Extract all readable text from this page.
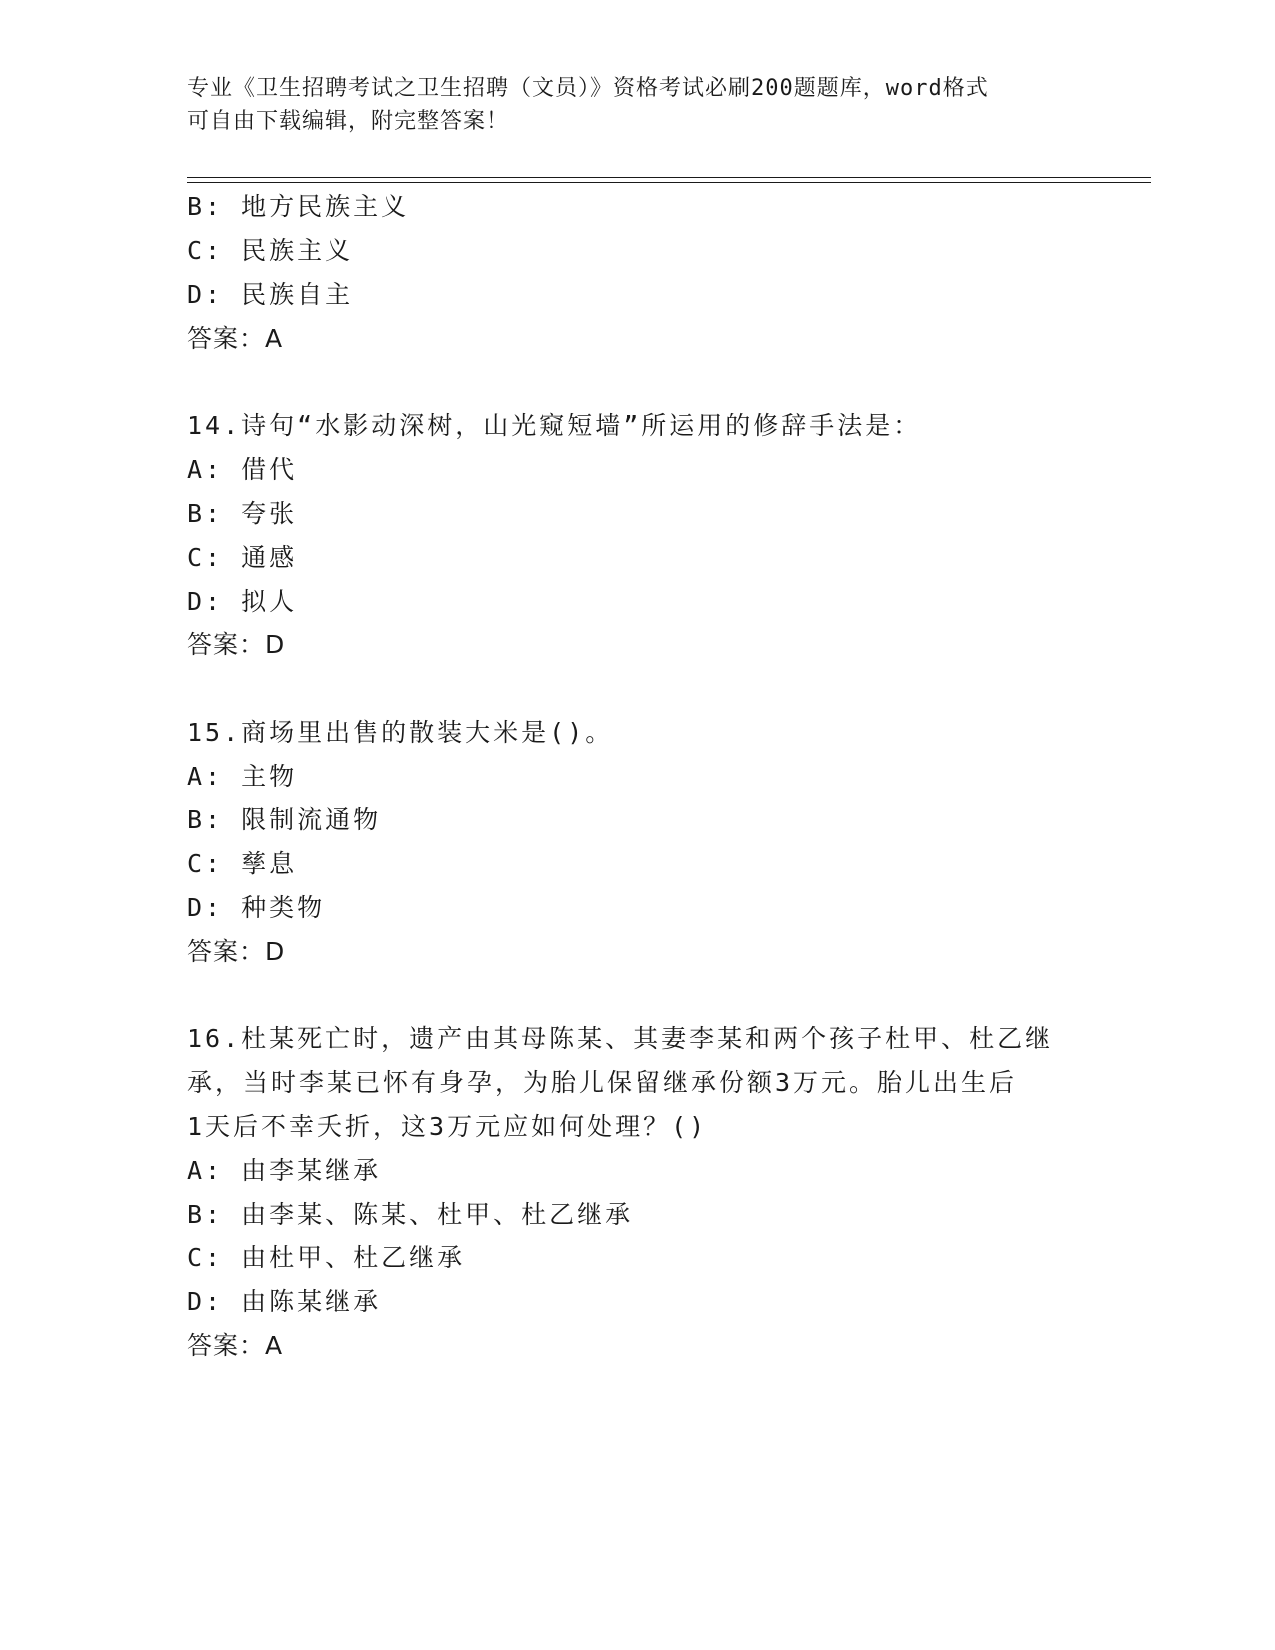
专业《卫生招聘考试之卫生招聘（文员）》资格考试必刷200题题库，word格式
可自由下载编辑，附完整答案！
B: 地方民族主义
C: 民族主义
D: 民族自主
答案：A
14.诗句“水影动深树，山光窥短墙”所运用的修辞手法是：
A: 借代
B: 夸张
C: 通感
D: 拟人
答案：D
15.商场里出售的散装大米是()。
A: 主物
B: 限制流通物
C: 孳息
D: 种类物
答案：D
16.杜某死亡时，遗产由其母陈某、其妻李某和两个孩子杜甲、杜乙继
承，当时李某已怀有身孕，为胎儿保留继承份额3万元。胎儿出生后
1天后不幸夭折，这3万元应如何处理？()
A: 由李某继承
B: 由李某、陈某、杜甲、杜乙继承
C: 由杜甲、杜乙继承
D: 由陈某继承
答案：A
